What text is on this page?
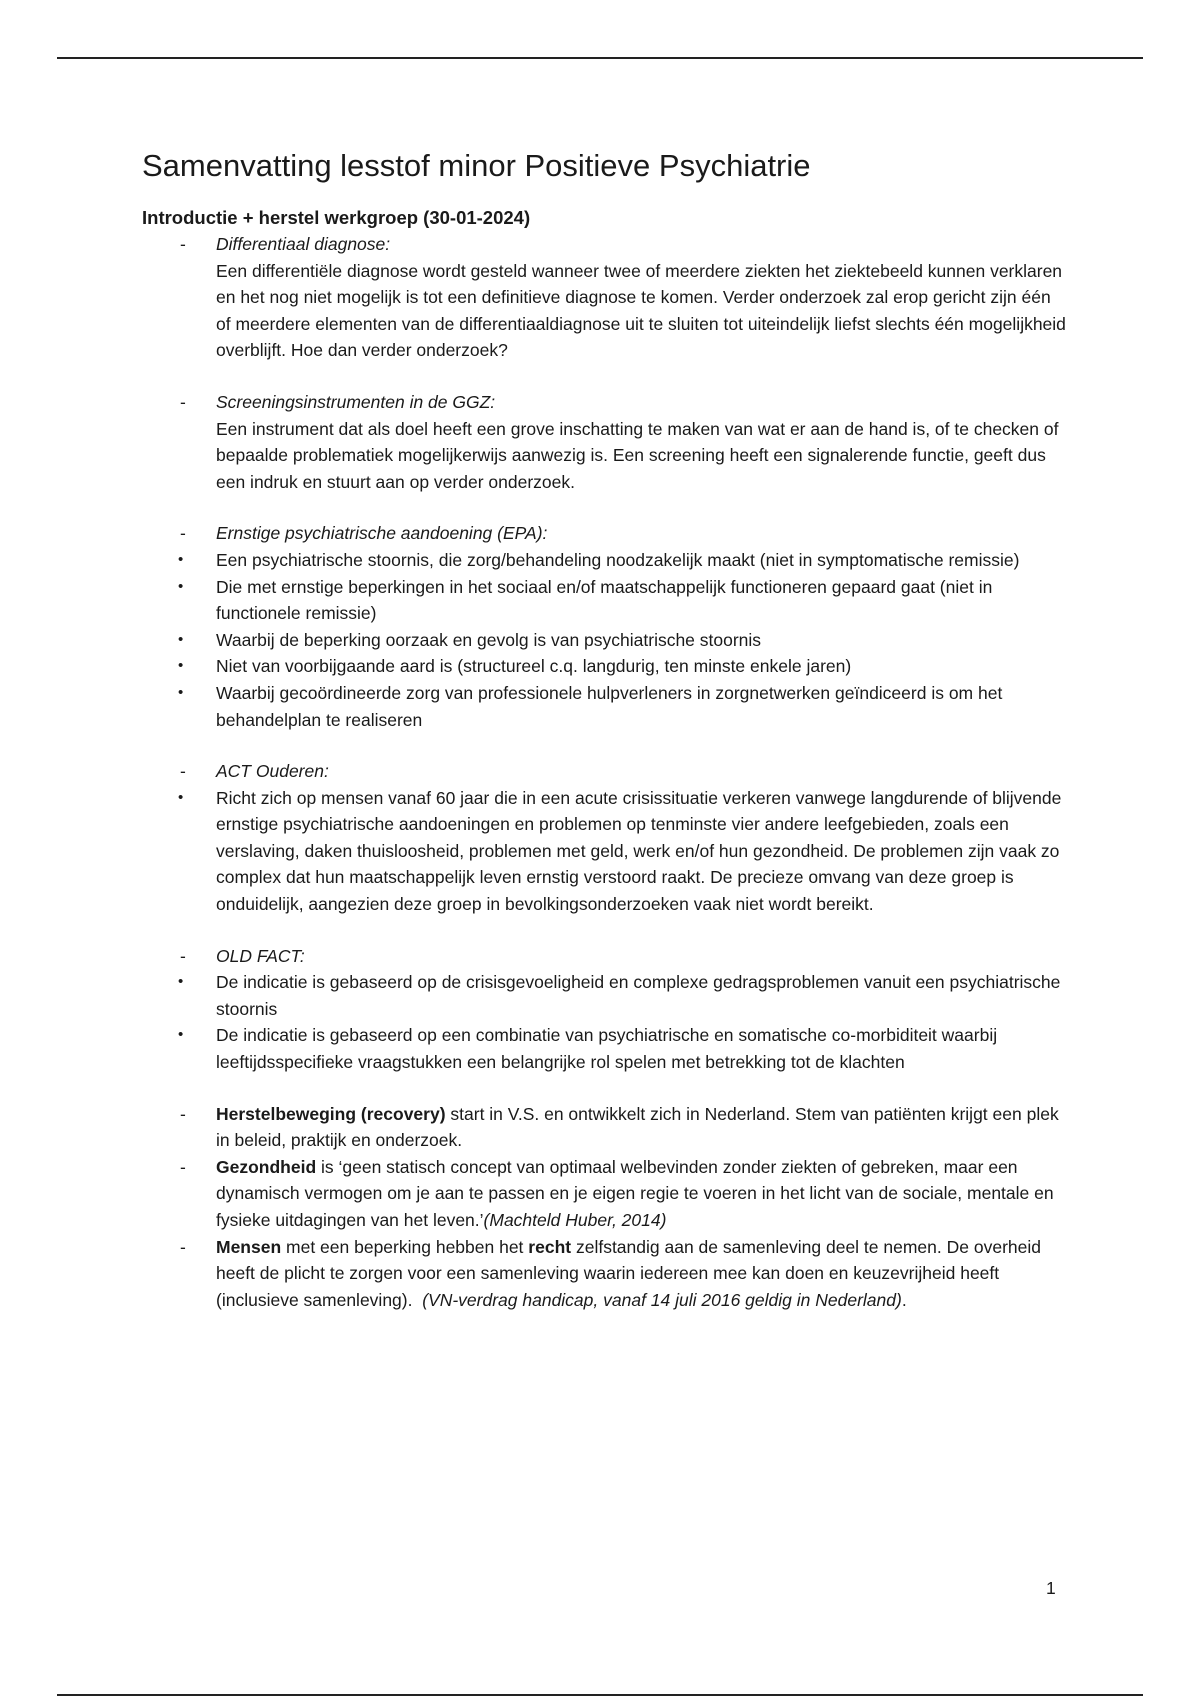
Samenvatting lesstof minor Positieve Psychiatrie
Introductie + herstel werkgroep (30-01-2024)
- Differentiaal diagnose:

Een differentiële diagnose wordt gesteld wanneer twee of meerdere ziekten het ziektebeeld kunnen verklaren en het nog niet mogelijk is tot een definitieve diagnose te komen. Verder onderzoek zal erop gericht zijn één of meerdere elementen van de differentiaaldiagnose uit te sluiten tot uiteindelijk liefst slechts één mogelijkheid overblijft. Hoe dan verder onderzoek?

- Screeningsinstrumenten in de GGZ:

Een instrument dat als doel heeft een grove inschatting te maken van wat er aan de hand is, of te checken of bepaalde problematiek mogelijkerwijs aanwezig is. Een screening heeft een signalerende functie, geeft dus een indruk en stuurt aan op verder onderzoek.

- Ernstige psychiatrische aandoening (EPA):

• Een psychiatrische stoornis, die zorg/behandeling noodzakelijk maakt (niet in symptomatische remissie)
• Die met ernstige beperkingen in het sociaal en/of maatschappelijk functioneren gepaard gaat (niet in functionele remissie)
• Waarbij de beperking oorzaak en gevolg is van psychiatrische stoornis
• Niet van voorbijgaande aard is (structureel c.q. langdurig, ten minste enkele jaren)
• Waarbij gecoördineerde zorg van professionele hulpverleners in zorgnetwerken geïndiceerd is om het behandelplan te realiseren
- ACT Ouderen:

• Richt zich op mensen vanaf 60 jaar die in een acute crisissituatie verkeren vanwege langdurende of blijvende ernstige psychiatrische aandoeningen en problemen op tenminste vier andere leefgebieden, zoals een verslaving, daken thuisloosheid, problemen met geld, werk en/of hun gezondheid. De problemen zijn vaak zo complex dat hun maatschappelijk leven ernstig verstoord raakt. De precieze omvang van deze groep is onduidelijk, aangezien deze groep in bevolkingsonderzoeken vaak niet wordt bereikt.
- OLD FACT:

• De indicatie is gebaseerd op de crisisgevoeligheid en complexe gedragsproblemen vanuit een psychiatrische stoornis
• De indicatie is gebaseerd op een combinatie van psychiatrische en somatische co-morbiditeit waarbij leeftijdsspecifieke vraagstukken een belangrijke rol spelen met betrekking tot de klachten
- Herstelbeweging (recovery) start in V.S. en ontwikkelt zich in Nederland. Stem van patiënten krijgt een plek in beleid, praktijk en onderzoek.

- Gezondheid is ‘geen statisch concept van optimaal welbevinden zonder ziekten of gebreken, maar een dynamisch vermogen om je aan te passen en je eigen regie te voeren in het licht van de sociale, mentale en fysieke uitdagingen van het leven.’(Machteld Huber, 2014)

- Mensen met een beperking hebben het recht zelfstandig aan de samenleving deel te nemen. De overheid heeft de plicht te zorgen voor een samenleving waarin iedereen mee kan doen en keuzevrijheid heeft (inclusieve samenleving).  (VN-verdrag handicap, vanaf 14 juli 2016 geldig in Nederland).

1
